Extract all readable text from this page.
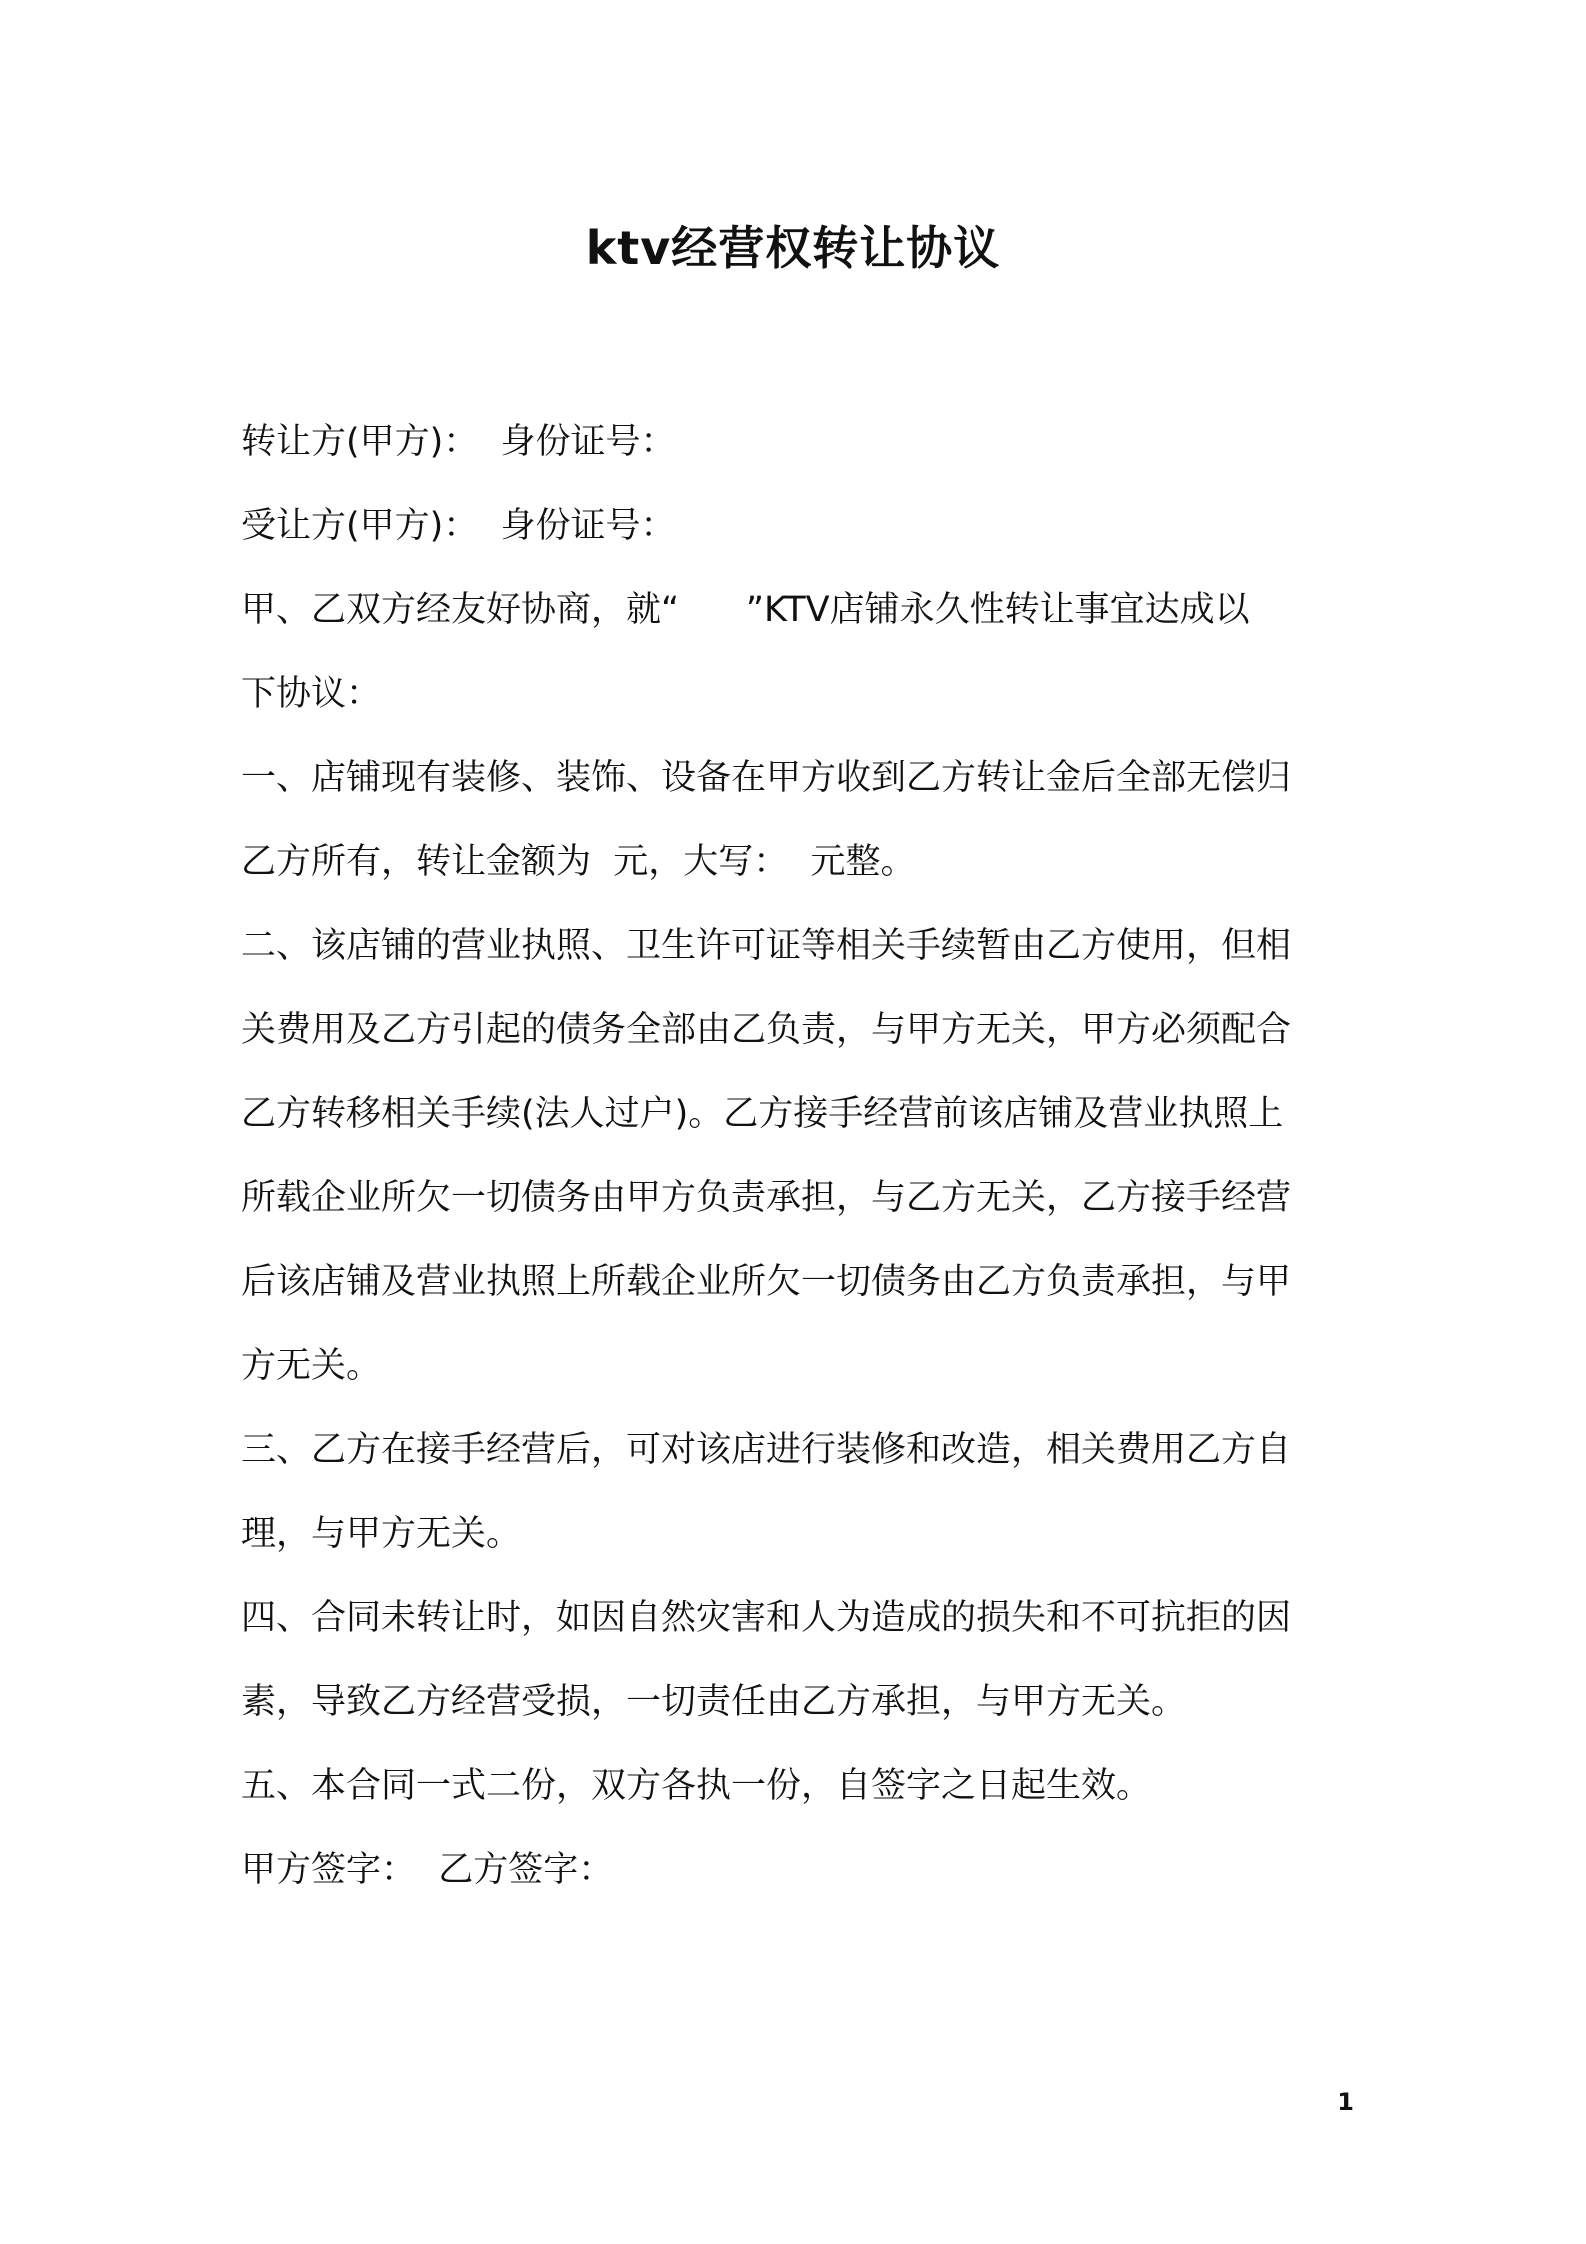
ktv经营权转让协议
转让方(甲方)：  身份证号：
受让方(甲方)：  身份证号：
甲、乙双方经友好协商，就“      ”KTV店铺永久性转让事宜达成以
下协议：
一、店铺现有装修、装饰、设备在甲方收到乙方转让金后全部无偿归
乙方所有，转让金额为  元，大写：  元整。
二、该店铺的营业执照、卫生许可证等相关手续暂由乙方使用，但相
关费用及乙方引起的债务全部由乙负责，与甲方无关，甲方必须配合
乙方转移相关手续(法人过户)。乙方接手经营前该店铺及营业执照上
所载企业所欠一切债务由甲方负责承担，与乙方无关，乙方接手经营
后该店铺及营业执照上所载企业所欠一切债务由乙方负责承担，与甲
方无关。
三、乙方在接手经营后，可对该店进行装修和改造，相关费用乙方自
理，与甲方无关。
四、合同未转让时，如因自然灾害和人为造成的损失和不可抗拒的因
素，导致乙方经营受损，一切责任由乙方承担，与甲方无关。
五、本合同一式二份，双方各执一份，自签字之日起生效。
甲方签字：  乙方签字：
1
